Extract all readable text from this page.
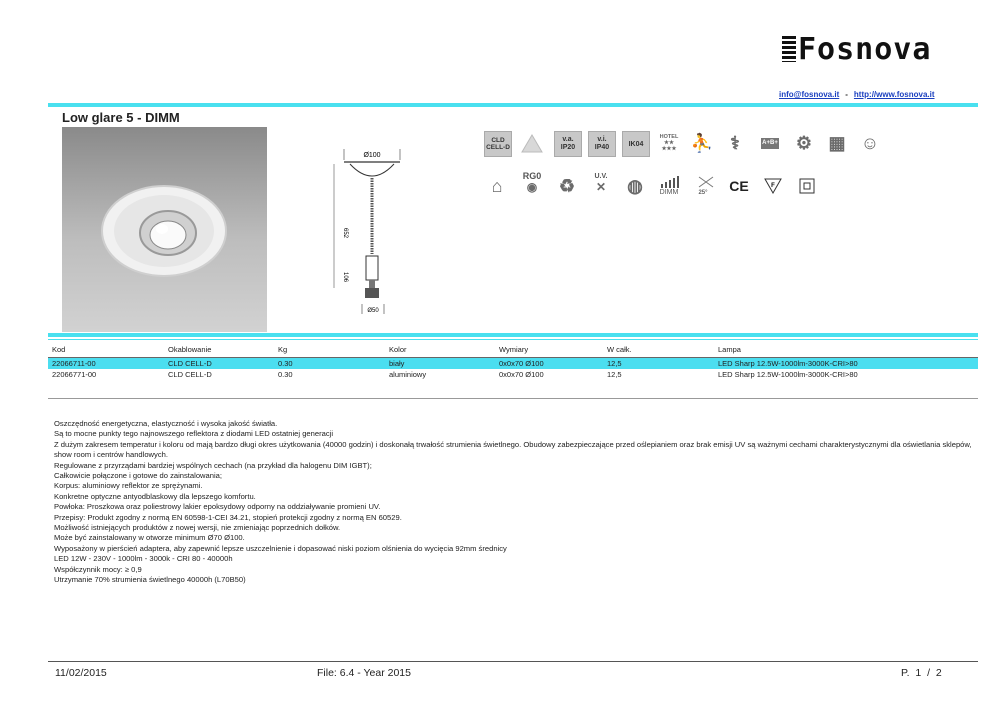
Fosnova
info@fosnova.it - http://www.fosnova.it
Low glare 5 - DIMM
Ø100
652
106
Ø50
CLD
CELL-D
v.a.
IP20
v.i.
IP40	IK04
HOTEL
★★
★★★ ⛹ ⚕	A+B+ ⚙ ▦ ☺
⌂
RG0
◉ ♻	U.V.
✕ ◍ DIMM	25° CE	F
Kod	Okablowanie	Kg	Kolor	Wymiary	W całk.	Lampa
22066711-00	CLD CELL-D	0.30	biały	0x0x70 Ø100	12,5	LED Sharp 12.5W-1000lm-3000K-CRI>80
22066771-00	CLD CELL-D	0.30	aluminiowy	0x0x70 Ø100	12,5	LED Sharp 12.5W-1000lm-3000K-CRI>80
Oszczędność energetyczna, elastyczność i wysoka jakość światła.
Są to mocne punkty tego najnowszego reflektora z diodami LED ostatniej generacji
Z dużym zakresem temperatur i koloru od mają bardzo długi okres użytkowania (40000 godzin) i doskonałą trwałość strumienia świetlnego. Obudowy zabezpieczające przed oślepianiem oraz brak emisji UV są ważnymi cechami charakterystycznymi dla oświetlania sklepów, show room i centrów handlowych.
Regulowane z przyrządami bardziej wspólnych cechach (na przykład dla halogenu DIM IGBT);
Całkowicie połączone i gotowe do zainstalowania;
Korpus: aluminiowy reflektor ze sprężynami.
Konkretne optyczne antyodblaskowy dla lepszego komfortu.
Powłoka: Proszkowa oraz poliestrowy lakier epoksydowy odporny na oddziaływanie promieni UV.
Przepisy: Produkt zgodny z normą EN 60598-1-CEI 34.21, stopień protekcji zgodny z normą EN 60529.
Możliwość istniejących produktów z nowej wersji, nie zmieniając poprzednich dołków.
Może być zainstalowany w otworze minimum Ø70 Ø100.
Wyposażony w pierścień adaptera, aby zapewnić lepsze uszczelnienie i dopasować niski poziom olśnienia do wycięcia 92mm średnicy
LED 12W - 230V - 1000lm - 3000k - CRI 80 - 40000h
Współczynnik mocy: ≥ 0,9
Utrzymanie 70% strumienia świetlnego 40000h (L70B50)
11/02/2015	File: 6.4 - Year 2015	P. 1 / 2
